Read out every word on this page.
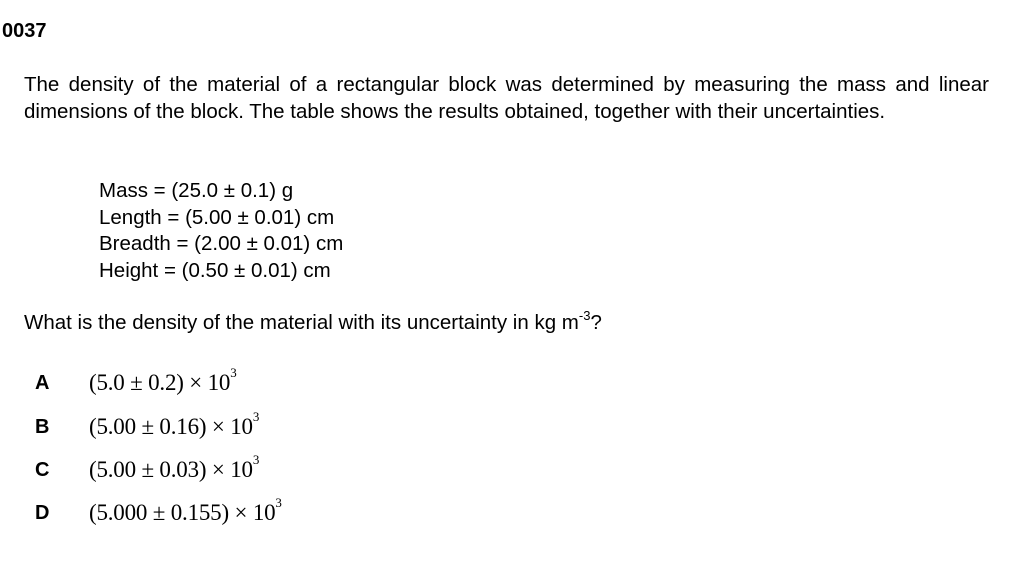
0037

The density of the material of a rectangular block was determined by measuring the mass and linear dimensions of the block. The table shows the results obtained, together with their uncertainties.

Mass = (25.0 ± 0.1) g
Length = (5.00 ± 0.01) cm
Breadth = (2.00 ± 0.01) cm
Height = (0.50 ± 0.01) cm
What is the density of the material with its uncertainty in kg $m^{-3}$?
A	$(5.0 \pm 0.2) \times 10^3$
B	$(5.00 \pm 0.16) \times 10^3$
C	$(5.00 \pm 0.03) \times 10^3$
D	$(5.000 \pm 0.155) \times 10^3$
